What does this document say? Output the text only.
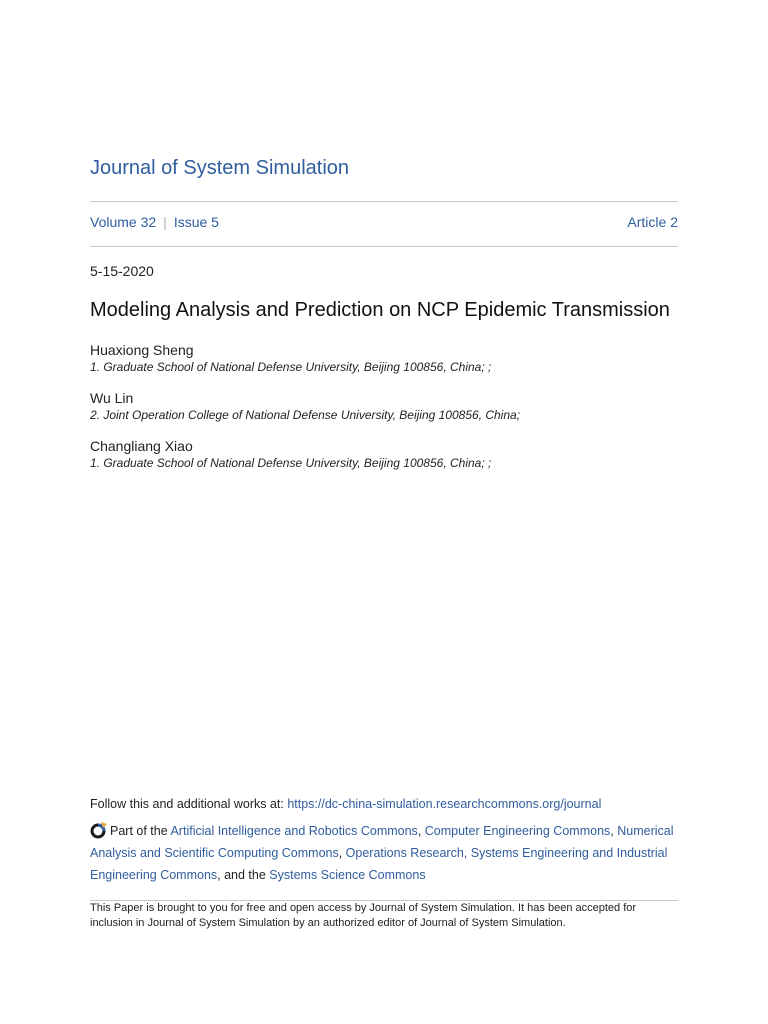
Journal of System Simulation
Volume 32 | Issue 5	Article 2
5-15-2020
Modeling Analysis and Prediction on NCP Epidemic Transmission
Huaxiong Sheng
1. Graduate School of National Defense University, Beijing 100856, China; ;
Wu Lin
2. Joint Operation College of National Defense University, Beijing 100856, China;
Changliang Xiao
1. Graduate School of National Defense University, Beijing 100856, China; ;
Follow this and additional works at: https://dc-china-simulation.researchcommons.org/journal
Part of the Artificial Intelligence and Robotics Commons, Computer Engineering Commons, Numerical Analysis and Scientific Computing Commons, Operations Research, Systems Engineering and Industrial Engineering Commons, and the Systems Science Commons
This Paper is brought to you for free and open access by Journal of System Simulation. It has been accepted for inclusion in Journal of System Simulation by an authorized editor of Journal of System Simulation.
